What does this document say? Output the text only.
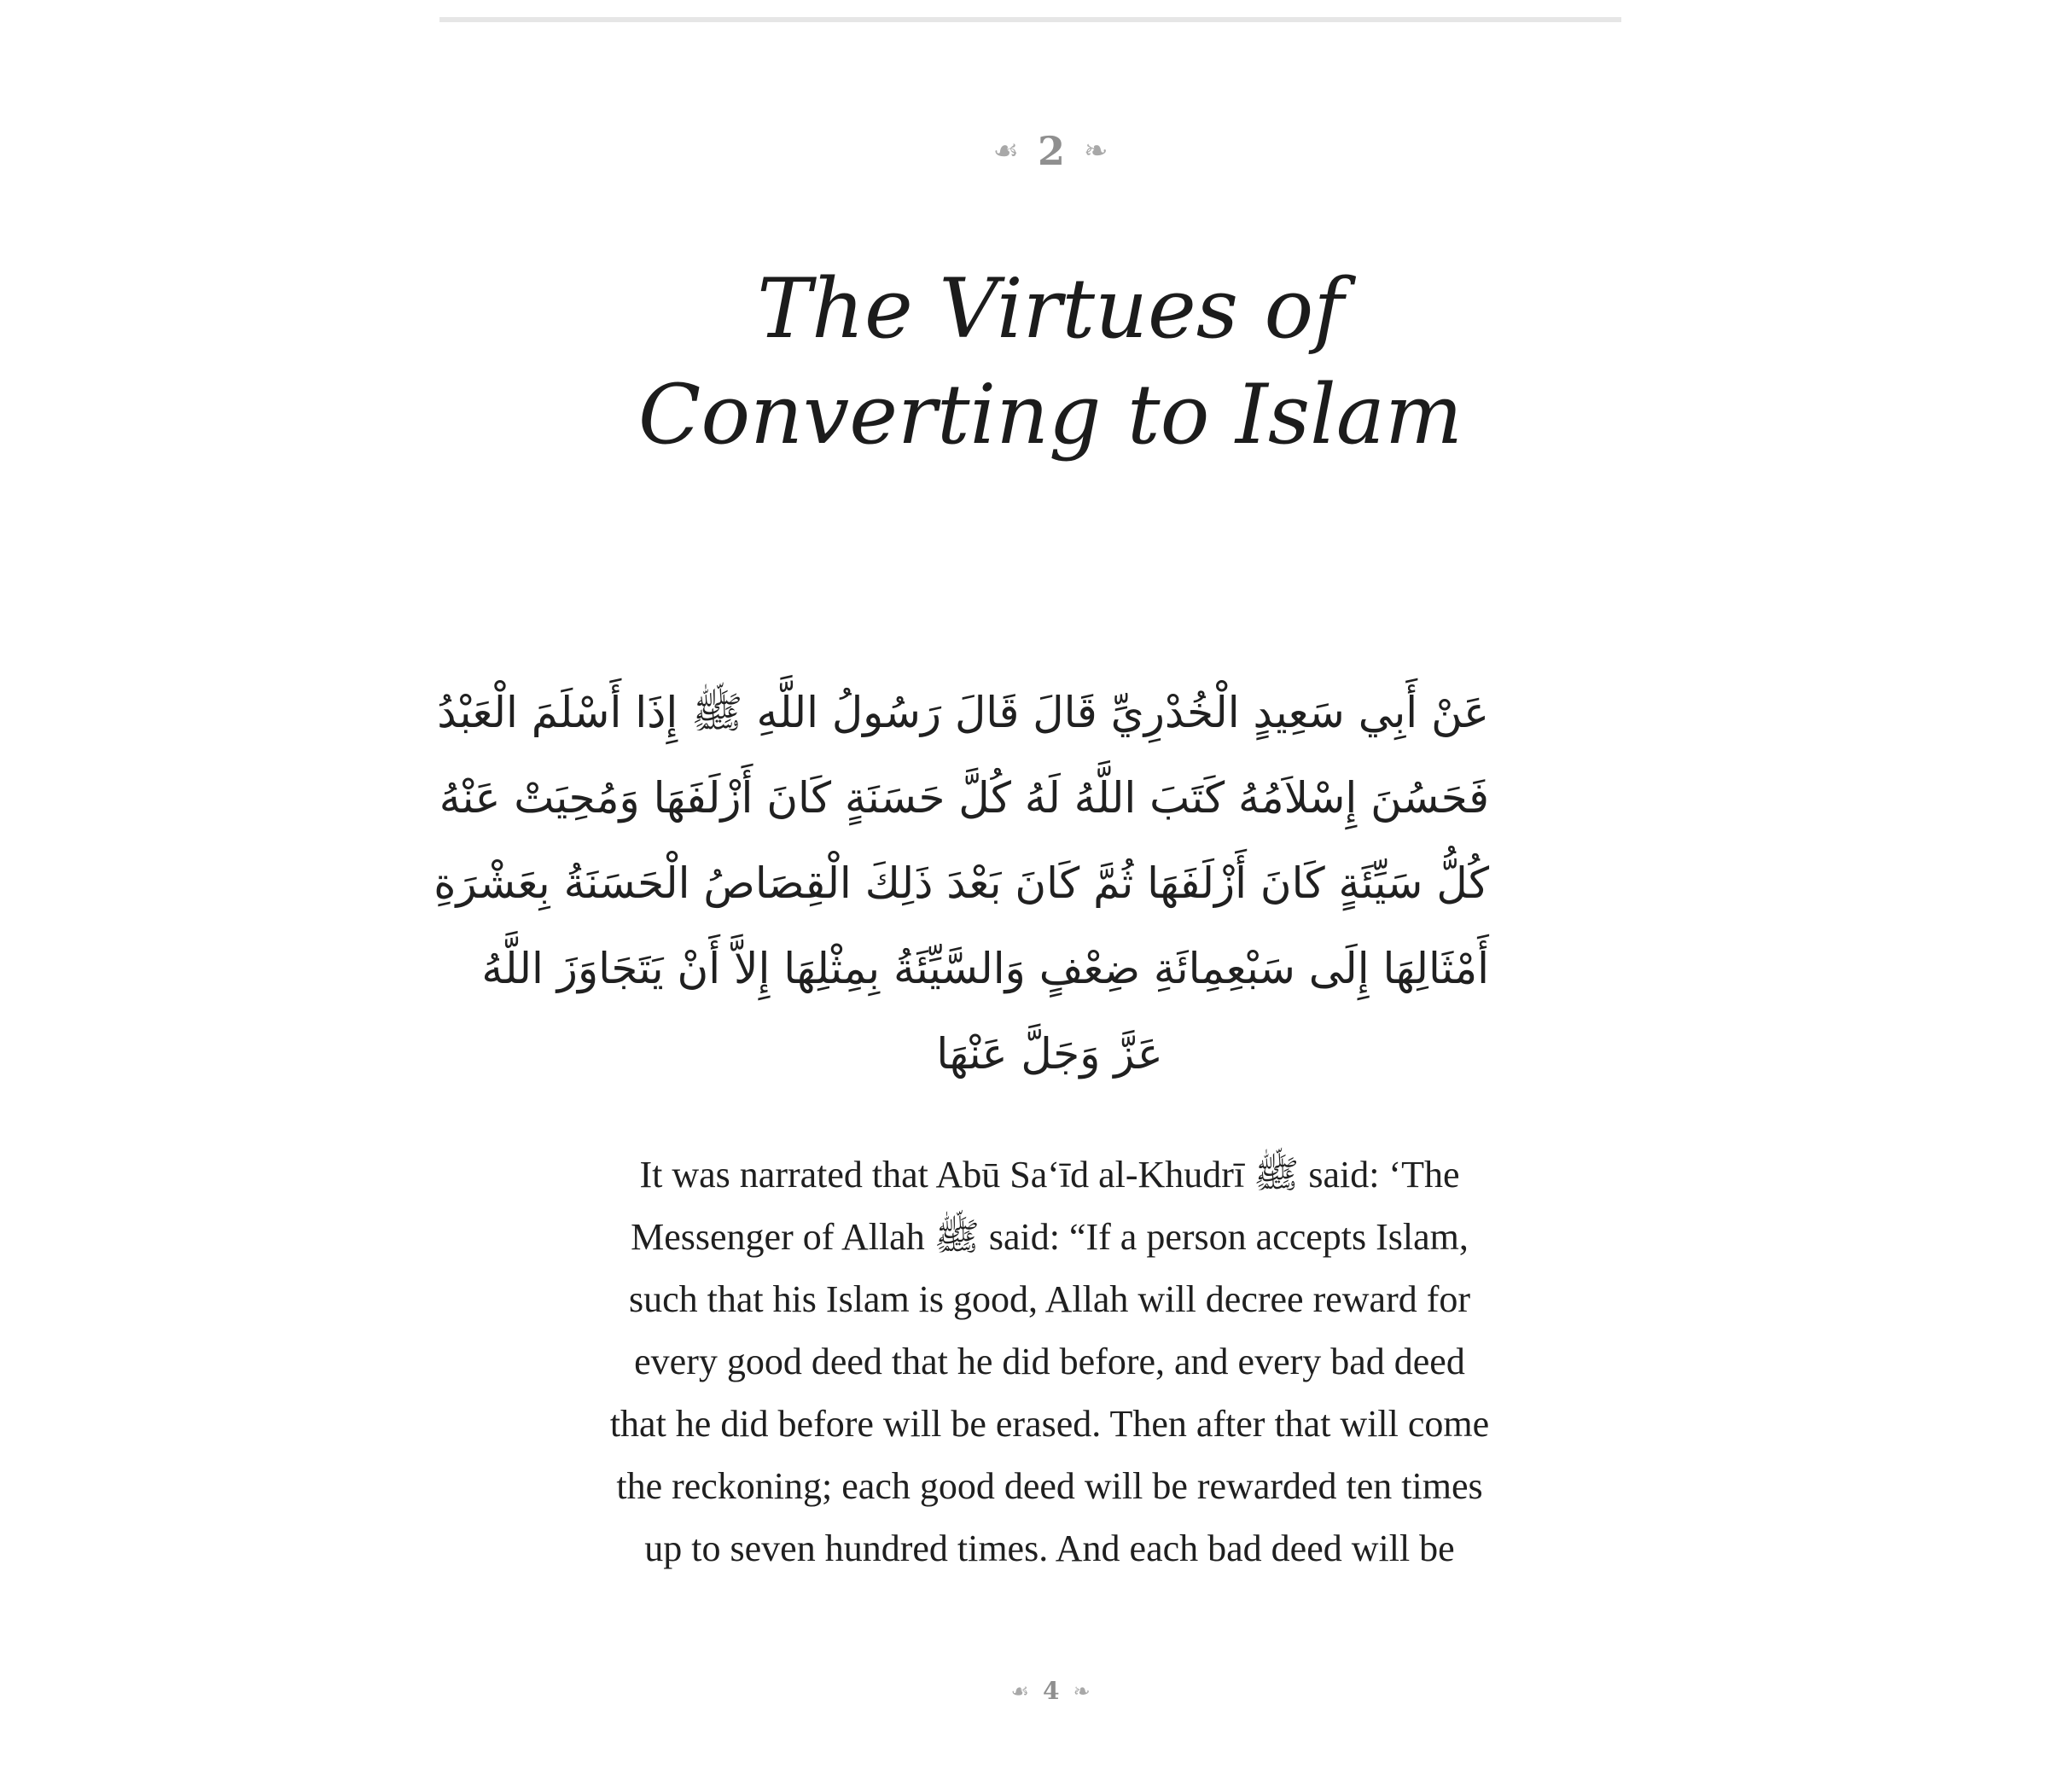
☙ 2 ❧
The Virtues of
Converting to Islam
عَنْ أَبِي سَعِيدٍ الْخُدْرِيِّ قَالَ قَالَ رَسُولُ اللَّهِ ﷺ إِذَا أَسْلَمَ الْعَبْدُ
فَحَسُنَ إِسْلاَمُهُ كَتَبَ اللَّهُ لَهُ كُلَّ حَسَنَةٍ كَانَ أَزْلَفَهَا وَمُحِيَتْ عَنْهُ
كُلُّ سَيِّئَةٍ كَانَ أَزْلَفَهَا ثُمَّ كَانَ بَعْدَ ذَلِكَ الْقِصَاصُ الْحَسَنَةُ بِعَشْرَةِ
أَمْثَالِهَا إِلَى سَبْعِمِائَةِ ضِعْفٍ وَالسَّيِّئَةُ بِمِثْلِهَا إِلاَّ أَنْ يَتَجَاوَزَ اللَّهُ
عَزَّ وَجَلَّ عَنْهَا
It was narrated that Abū Sa‘īd al-Khudrī ﷺ said: ‘The
Messenger of Allah ﷺ said: “If a person accepts Islam,
such that his Islam is good, Allah will decree reward for
every good deed that he did before, and every bad deed
that he did before will be erased. Then after that will come
the reckoning; each good deed will be rewarded ten times
up to seven hundred times. And each bad deed will be
☙ 4 ❧
